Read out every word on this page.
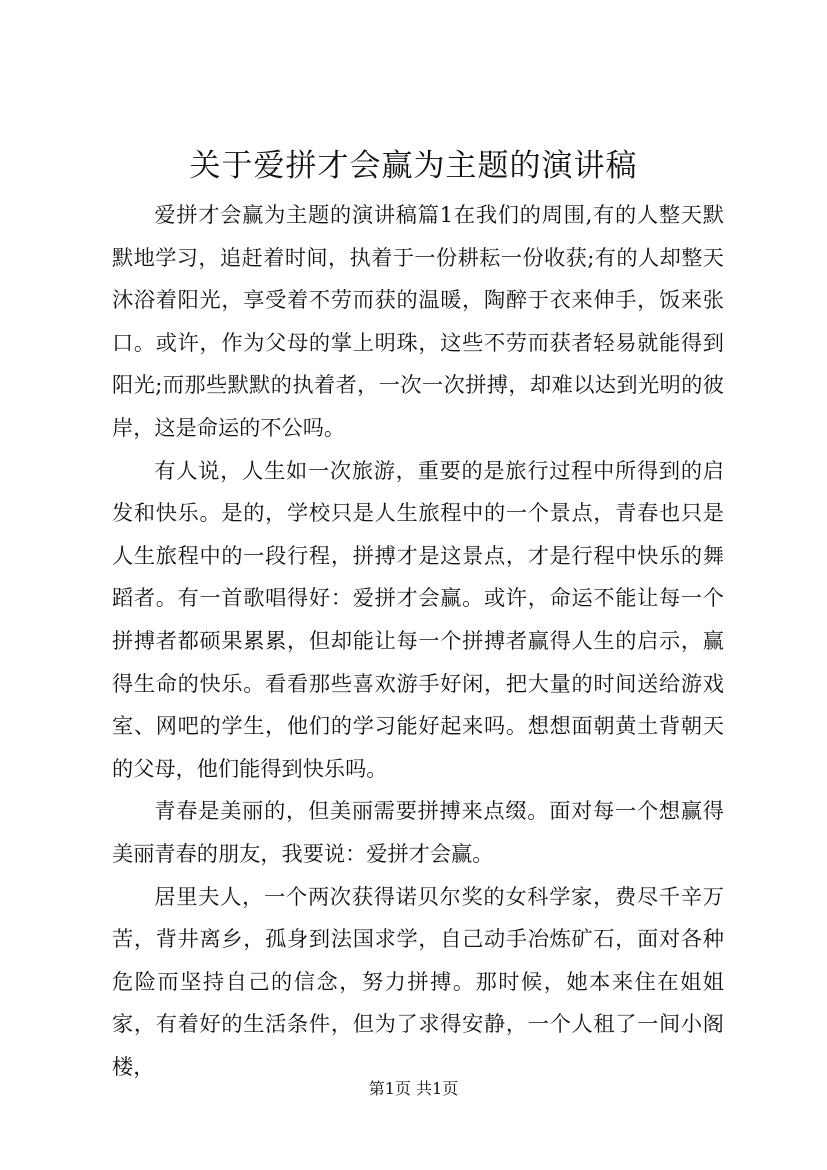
关于爱拼才会赢为主题的演讲稿

爱拼才会赢为主题的演讲稿篇1在我们的周围,有的人整天默默地学习，追赶着时间，执着于一份耕耘一份收获;有的人却整天沐浴着阳光，享受着不劳而获的温暖，陶醉于衣来伸手，饭来张口。或许，作为父母的掌上明珠，这些不劳而获者轻易就能得到阳光;而那些默默的执着者，一次一次拼搏，却难以达到光明的彼岸，这是命运的不公吗。

有人说，人生如一次旅游，重要的是旅行过程中所得到的启发和快乐。是的，学校只是人生旅程中的一个景点，青春也只是人生旅程中的一段行程，拼搏才是这景点，才是行程中快乐的舞蹈者。有一首歌唱得好：爱拼才会赢。或许，命运不能让每一个拼搏者都硕果累累，但却能让每一个拼搏者赢得人生的启示，赢得生命的快乐。看看那些喜欢游手好闲，把大量的时间送给游戏室、网吧的学生，他们的学习能好起来吗。想想面朝黄土背朝天的父母，他们能得到快乐吗。

青春是美丽的，但美丽需要拼搏来点缀。面对每一个想赢得美丽青春的朋友，我要说：爱拼才会赢。

居里夫人，一个两次获得诺贝尔奖的女科学家，费尽千辛万苦，背井离乡，孤身到法国求学，自己动手冶炼矿石，面对各种危险而坚持自己的信念，努力拼搏。那时候，她本来住在姐姐家，有着好的生活条件，但为了求得安静，一个人租了一间小阁楼，

第1页 共1页
